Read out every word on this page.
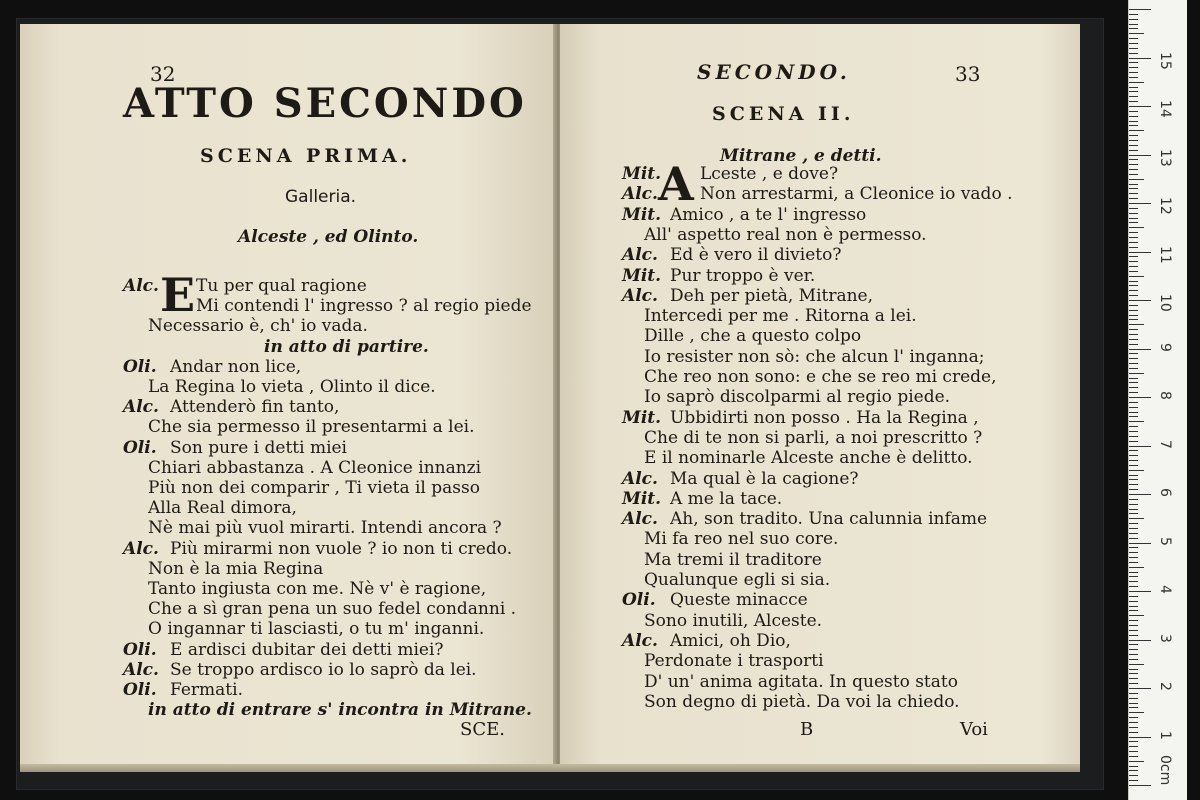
32
ATTO SECONDO
SCENA PRIMA.
Galleria.
Alceste , ed Olinto.
E
Alc. Tu per qual ragione
Mi contendi l' ingresso ? al regio piede
Necessario è, ch' io vada.
in atto di partire.
Oli. Andar non lice,
La Regina lo vieta , Olinto il dice.
Alc. Attenderò fin tanto,
Che sia permesso il presentarmi a lei.
Oli. Son pure i detti miei
Chiari abbastanza . A Cleonice innanzi
Più non dei comparir , Ti vieta il passo
Alla Real dimora,
Nè mai più vuol mirarti. Intendi ancora ?
Alc. Più mirarmi non vuole ? io non ti credo.
Non è la mia Regina
Tanto ingiusta con me. Nè v' è ragione,
Che a sì gran pena un suo fedel condanni .
O ingannar ti lasciasti, o tu m' inganni.
Oli. E ardisci dubitar dei detti miei?
Alc. Se troppo ardisco io lo saprò da lei.
Oli. Fermati.
in atto di entrare s' incontra in Mitrane.
SCE.
SECONDO.	33
SCENA II.
Mitrane , e detti.
A
Mit. Lceste , e dove?
Alc. Non arrestarmi, a Cleonice io vado .
Mit. Amico , a te l' ingresso
All' aspetto real non è permesso.
Alc. Ed è vero il divieto?
Mit. Pur troppo è ver.
Alc. Deh per pietà, Mitrane,
Intercedi per me . Ritorna a lei.
Dille , che a questo colpo
Io resister non sò: che alcun l' inganna;
Che reo non sono: e che se reo mi crede,
Io saprò discolparmi al regio piede.
Mit. Ubbidirti non posso . Ha la Regina ,
Che di te non si parli, a noi prescritto ?
E il nominarle Alceste anche è delitto.
Alc. Ma qual è la cagione?
Mit. A me la tace.
Alc. Ah, son tradito. Una calunnia infame
Mi fa reo nel suo core.
Ma tremi il traditore
Qualunque egli si sia.
Oli. Queste minacce
Sono inutili, Alceste.
Alc. Amici, oh Dio,
Perdonate i trasporti
D' un' anima agitata. In questo stato
Son degno di pietà. Da voi la chiedo.
B	Voi
0cm
1
2
3
4
5
6
7
8
9
10
11
12
13
14
15
